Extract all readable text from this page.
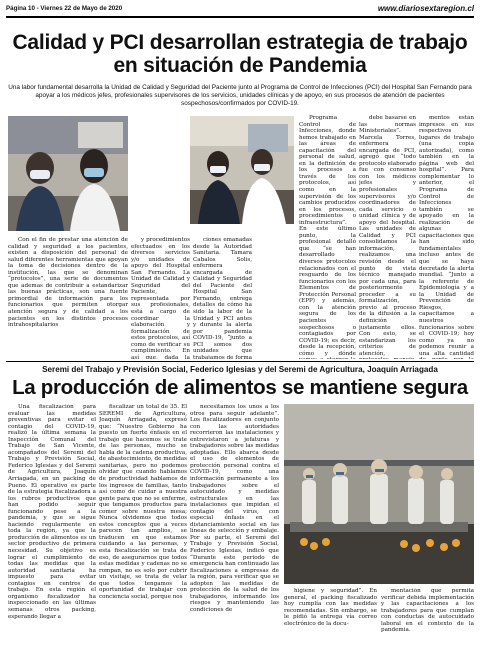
Página 10 - Viernes 22 de Mayo de 2020	www.diariosextaregion.cl
Calidad y PCI desarrollan estrategia de trabajo en situación de Pandemia
Una labor fundamental desarrolla la Unidad de Calidad y Seguridad del Paciente junto al Programa de Control de Infecciones (PCI) del Hospital San Fernando para apoyar a los médicos jefes, profesionales supervisores de los servicios, unidades clínicas y de apoyo, en sus procesos de atención de pacientes sospechosos/confirmados por COVID-19.

Con el fin de prestar una atención de calidad y seguridad a los pacientes, existen a disposición del personal de salud diferentes herramientas que apoyan la toma de decisiones dentro de la institución, las que se denominan “protocolos”, una serie de documentos que ademas de contribuir a estandarizar las buenas prácticas, son una fuente primordial de información para los funcionarios que permiten otorgar atención segura y de calidad a los pacientes en los distintos procesos intrahospitalarios

y procedimientos efectuados en los diversos servicios y/o unidades de apoyo del Hospital San Fernando. La Unidad de Calidad y Seguridad del Paciente, representada por sus profesionales, está a cargo de coordinar la elaboración y formalización de estos protocolos, así como de verificar su cumplimiento. En así que, dada la

ciones emanadas desde la Autoridad Sanitaria. Tamara Cabalos Solis, enfermera encargada de Calidad y Seguridad del Paciente del Hospital San Fernando, entrega detalles de cómo ha sido la labor de la Unidad y PCI antes y durante la alerta por pandemia COVID-19, “junto a PCI somos dos unidades que trabajamos de forma

Programa Control de Infecciones, donde hemos trabajado en las áreas de capacitación del personal de salud, en la definición de los procesos a través de los protocolos, así como en la supervisión de los cambios producidos en los procesos, procedimientos o infraestructura”. En este último punto, la profesional detalló que “se han desarrollado diversos protocolos relacionados con el resguardo de los funcionarios con los Elementos de Protección Personal (EPP) y además, con la atención segura de los pacientes sospechosos o contagiados por COVID-19; es decir, desde la recepción, cómo y dónde

debe basarse en las normas Ministeriales”. Marcela Torres, enfermera encargada de PCI, agregó que “todo protocolo elaborado fue con consenso con los médicos jefes y profesionales supervisores y/o coordinadores de cada servicio o unidad clínica y de apoyo del hospital. Las unidades de Calidad y PCI consolidamos la información, realizamos una revisión desde el punto de vista técnico manejado por cada una, para posteriormente proceder a su formalización, previo al proceso de la difusión a la definición justamente ellos. Con esto, se estandarizan los criterios de atención,

mentos están impresos en sus respectivos lugares de trabajo (una copia autorizada), como también en la página web del hospital”. Para complementar lo anterior, el Programa de Control de Infecciones también se apoyado en la realización de algunas capacitaciones que han sido fundamentales incluso antes de que se haya decretado la alerta mundial. “Junto a la referente de Epidemiología y a la Unidad de Prevención de Riesgos, capacitamos a nuestros funcionarios sobre el COVID-19; hoy como ya no podemos reunir a una alta cantidad

Seremi del Trabajo y Previsión Social, Federico Iglesias y del Seremi de Agricultura, Joaquín Arriagada
La producción de alimentos se mantiene segura

Una fiscalización para evaluar las medidas preventivas para evitar el contagio del COVID-19, realizó la última semana la Inspección Comunal del Trabajo de San Vicente, acompañados del Seremi del Trabajo y Previsión Social, Federico Iglesias y del Seremi de Agricultura, Joaquín Arriagada, en un packing de Pueno. El operativo es parte de la estrategia fiscalizadora a los rubros productivos que han podido seguir funcionando pese a la pandemia, y que se sigue haciendo regularmente en toda la región, ya que la producción de alimentos es un sector productivo de primera necesidad. Su objetivo es lograr el cumplimiento de todas las medidas que la autoridad sanitaria ha impuesto para evitar contagios en centros de trabajo. En esta región el organismo fiscalizador ha inspeccionado en las últimas semanas otros packing, esperando llegar a

fiscalizar un total de 35. El SEREMI de Agricultura, Joaquín Arriagada, expresó que: “Nuestro Gobierno ha puesto un fuerte énfasis en el trabajo que hacemos se trate de las personas, mucho se habla de la cadena productiva, de abastecimiento, de medidas sanitarias, pero no podemos olvidar que cuando hablamos de productividad hablamos de los ingresos de familias, tanto así como de cuidar a nuestra gente para que no se enferme, que tengamos productos para comer sobre nuestra mesa; Nunca olvidemos que todos estos conceptos que a veces parecen tan amplios, se traducen en que estamos cuidando a las personas, y esta fiscalización se trata de eso, de asegurarnos que todos estas medidas y cadenas no se rompan, no es solo por cubrir un visitaje, se trata de velar que todos tengamos la oportunidad de trabajar con conciencia social, porque nos

necesitamos los unos a los otros para seguir adelante”. Los fiscalizadores en conjunto con las autoridades recorrieron las instalaciones y entrevistaron a jefaturas y trabajadores sobre las medidas adoptadas. Ello abarca desde el uso de elementos de protección personal contra el COVID-19, como una información permanente a los trabajadores sobre el autocuidado y medidas estructurales en las instalaciones que impidan el contagio del virus, con especial énfasis en el distanciamiento social en las líneas de selección y embalaje. Por su parte, el Seremi del Trabajo y Previsión Social, Federico Iglesias, indicó que “Durante este periodo de emergencia han continuado las fiscalizaciones a empresas de la región, para verificar que se adopten las medidas de protección de la salud de los trabajadores, informando los riesgos y manteniendo las condiciones de

higiene y seguridad”. En general, el packing fiscalizado hoy cumplía con las medidas recomendadas. Sin embargo, se le pidió la entrega vía correo electrónico de la docu-

mentación que permita verificar debida implementación y las capacitaciones a los trabajadores para que cumplan con conductas de autocuidado laboral en el contexto de la pandemia.
